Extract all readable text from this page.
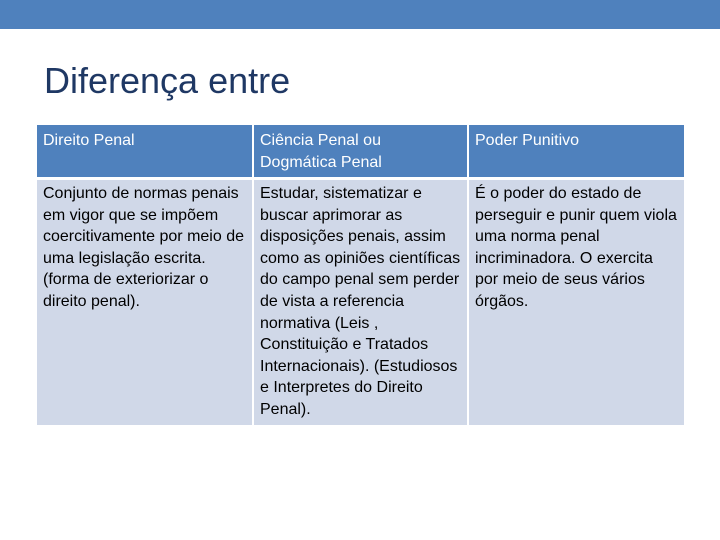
Diferença entre
Direito Penal	Ciência Penal ou Dogmática Penal	Poder Punitivo
Conjunto de normas penais em vigor que se impõem coercitivamente por meio de uma legislação escrita. (forma de exteriorizar o direito penal).	Estudar, sistematizar e buscar aprimorar as disposições penais, assim como as opiniões científicas do campo penal sem perder de vista a referencia normativa (Leis , Constituição e Tratados Internacionais). (Estudiosos e Interpretes do Direito Penal).	É o poder do estado de perseguir e punir quem viola uma norma penal incriminadora. O exercita por meio de seus vários órgãos.
